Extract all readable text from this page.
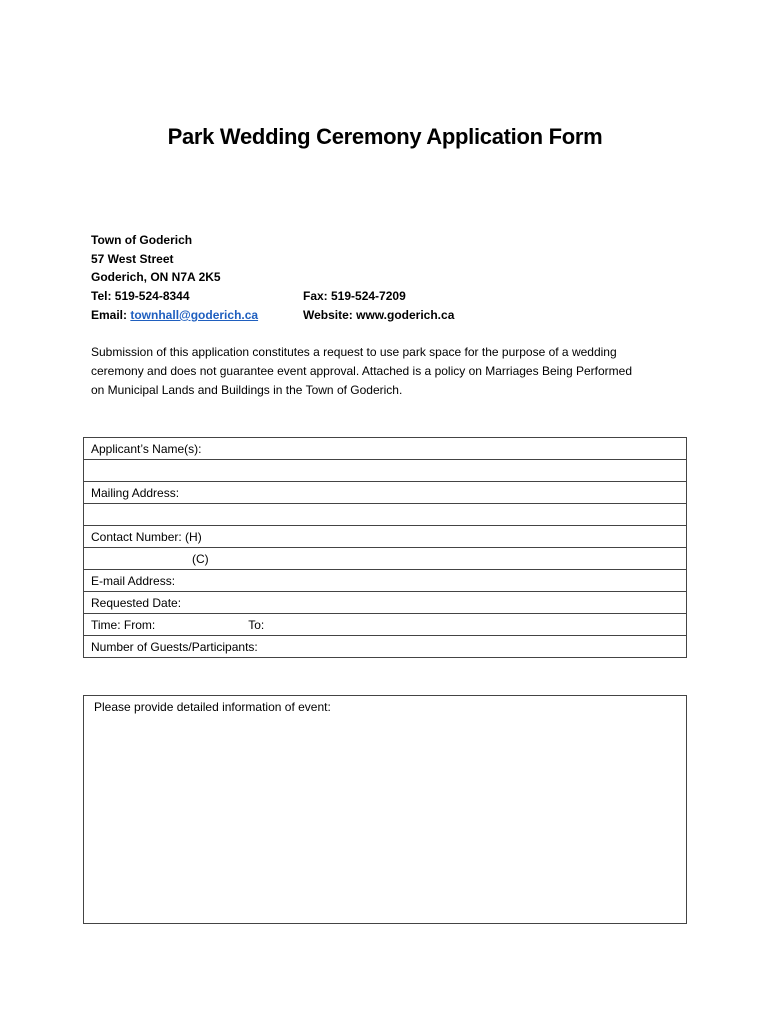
Park Wedding Ceremony Application Form
Town of Goderich
57 West Street
Goderich, ON N7A 2K5
Tel: 519-524-8344	Fax: 519-524-7209
Email: townhall@goderich.ca	Website: www.goderich.ca
Submission of this application constitutes a request to use park space for the purpose of a wedding
ceremony and does not guarantee event approval. Attached is a policy on Marriages Being Performed
on Municipal Lands and Buildings in the Town of Goderich.
Applicant’s Name(s):

Mailing Address:

Contact Number: (H)
(C)
E-mail Address:
Requested Date:
Time: From:	To:
Number of Guests/Participants:
Please provide detailed information of event:
